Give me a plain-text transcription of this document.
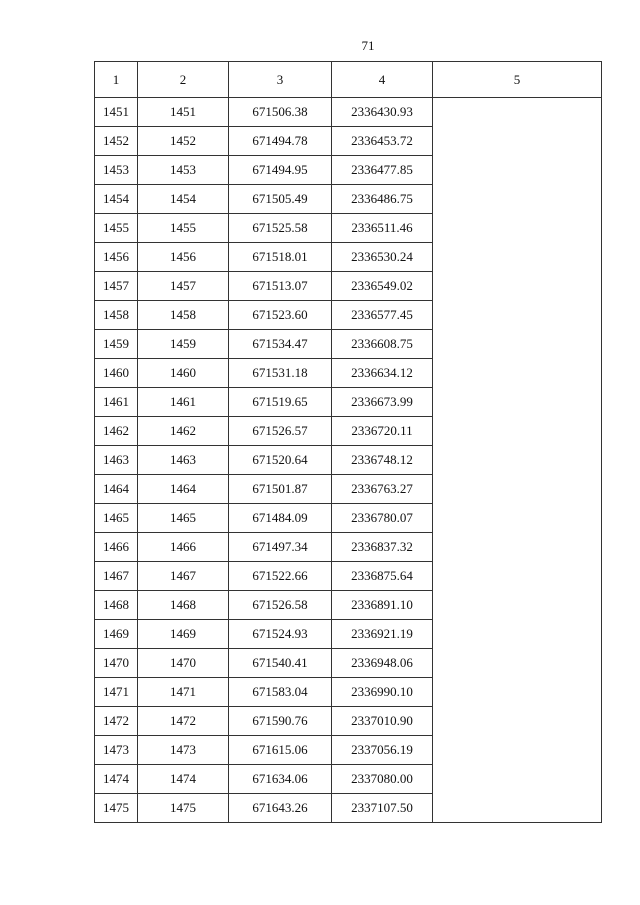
71
1	2	3	4	5
1451	1451	671506.38	2336430.93	
1452	1452	671494.78	2336453.72	
1453	1453	671494.95	2336477.85	
1454	1454	671505.49	2336486.75	
1455	1455	671525.58	2336511.46	
1456	1456	671518.01	2336530.24	
1457	1457	671513.07	2336549.02	
1458	1458	671523.60	2336577.45	
1459	1459	671534.47	2336608.75	
1460	1460	671531.18	2336634.12	
1461	1461	671519.65	2336673.99	
1462	1462	671526.57	2336720.11	
1463	1463	671520.64	2336748.12	
1464	1464	671501.87	2336763.27	
1465	1465	671484.09	2336780.07	
1466	1466	671497.34	2336837.32	
1467	1467	671522.66	2336875.64	
1468	1468	671526.58	2336891.10	
1469	1469	671524.93	2336921.19	
1470	1470	671540.41	2336948.06	
1471	1471	671583.04	2336990.10	
1472	1472	671590.76	2337010.90	
1473	1473	671615.06	2337056.19	
1474	1474	671634.06	2337080.00	
1475	1475	671643.26	2337107.50	
